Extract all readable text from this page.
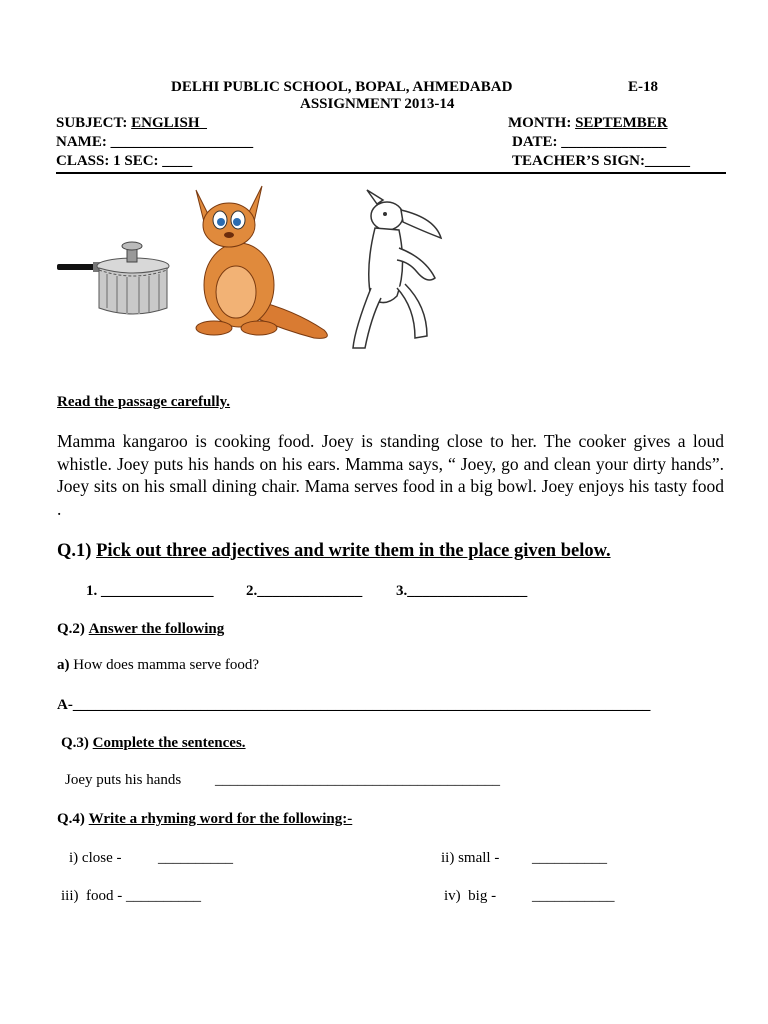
DELHI PUBLIC SCHOOL, BOPAL, AHMEDABAD	E-18
ASSIGNMENT 2013-14
SUBJECT: ENGLISH	MONTH: SEPTEMBER
NAME: ___________________	DATE: ______________
CLASS: 1 SEC: ____	TEACHER’S SIGN:______
Read the passage carefully.
Mamma kangaroo is cooking food. Joey is standing close to her. The cooker gives a loud whistle. Joey puts his hands on his ears. Mamma says, “ Joey, go and clean your dirty hands”. Joey sits on his small dining chair. Mama serves food in a big bowl. Joey enjoys his tasty food .
Q.1) Pick out three adjectives and write them in the place given below.
1. _______________ 2.______________ 3.________________
Q.2) Answer the following
a) How does mamma serve food?
A-_____________________________________________________________________________
Q.3) Complete the sentences.
Joey puts his hands ______________________________________
Q.4) Write a rhyming word for the following:-
i) close - __________	ii) small - __________
iii)  food - __________	iv)  big - ___________
